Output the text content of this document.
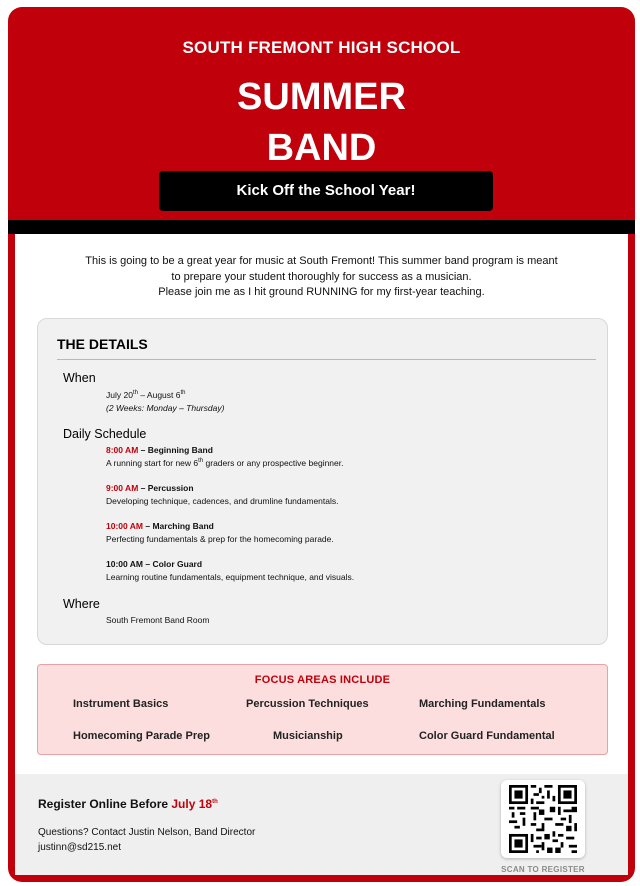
SOUTH FREMONT HIGH SCHOOL
SUMMER
BAND
Kick Off the School Year!
This is going to be a great year for music at South Fremont! This summer band program is meant
to prepare your student thoroughly for success as a musician.
Please join me as I hit ground RUNNING for my first-year teaching.
THE DETAILS
When
July 20th – August 6th
(2 Weeks: Monday – Thursday)
Daily Schedule
8:00 AM – Beginning Band
A running start for new 6th graders or any prospective beginner.
9:00 AM – Percussion
Developing technique, cadences, and drumline fundamentals.
10:00 AM – Marching Band
Perfecting fundamentals & prep for the homecoming parade.
10:00 AM – Color Guard
Learning routine fundamentals, equipment technique, and visuals.
Where
South Fremont Band Room
FOCUS AREAS INCLUDE
Instrument Basics	Percussion Techniques	Marching Fundamentals
Homecoming Parade Prep	Musicianship	Color Guard Fundamental
Register Online Before July 18th
Questions? Contact Justin Nelson, Band Director
justinn@sd215.net
SCAN TO REGISTER
